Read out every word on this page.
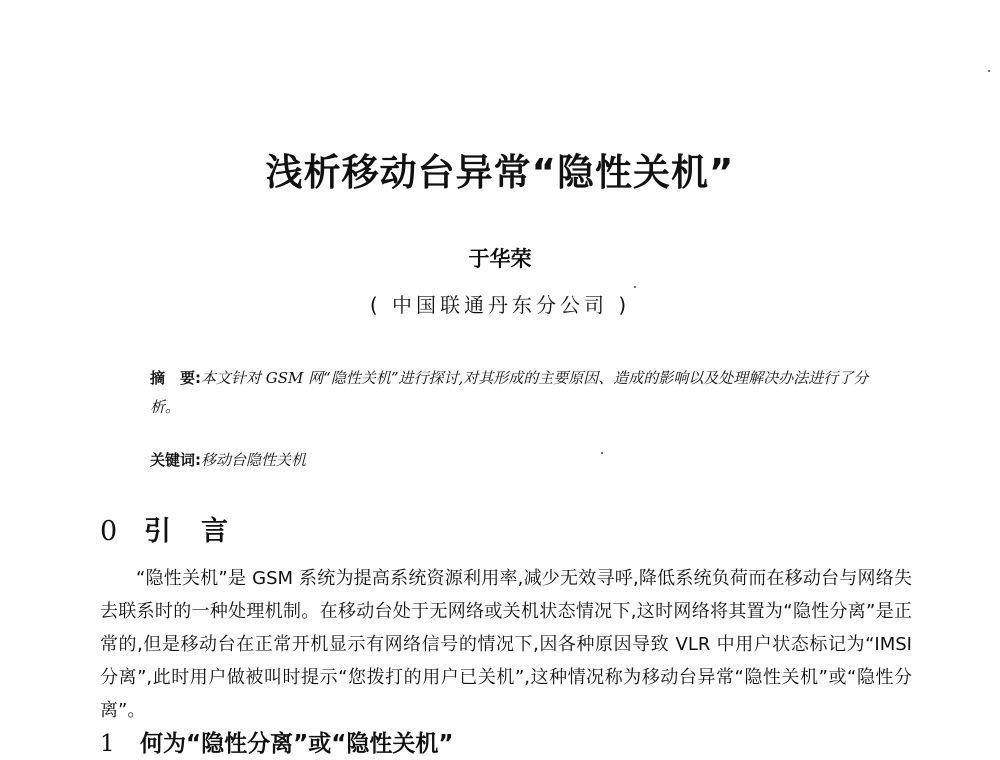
浅析移动台异常“隐性关机”
于华荣
( 中国联通丹东分公司 )
摘　要:本文针对 GSM 网“隐性关机”进行探讨,对其形成的主要原因、造成的影响以及处理解决办法进行了分析。
关键词:移动台隐性关机
0 引言

“隐性关机”是 GSM 系统为提高系统资源利用率,减少无效寻呼,降低系统负荷而在移动台与网络失去联系时的一种处理机制。在移动台处于无网络或关机状态情况下,这时网络将其置为“隐性分离”是正常的,但是移动台在正常开机显示有网络信号的情况下,因各种原因导致 VLR 中用户状态标记为“IMSI 分离”,此时用户做被叫时提示“您拨打的用户已关机”,这种情况称为移动台异常“隐性关机”或“隐性分离”。

1 何为“隐性分离”或“隐性关机”
